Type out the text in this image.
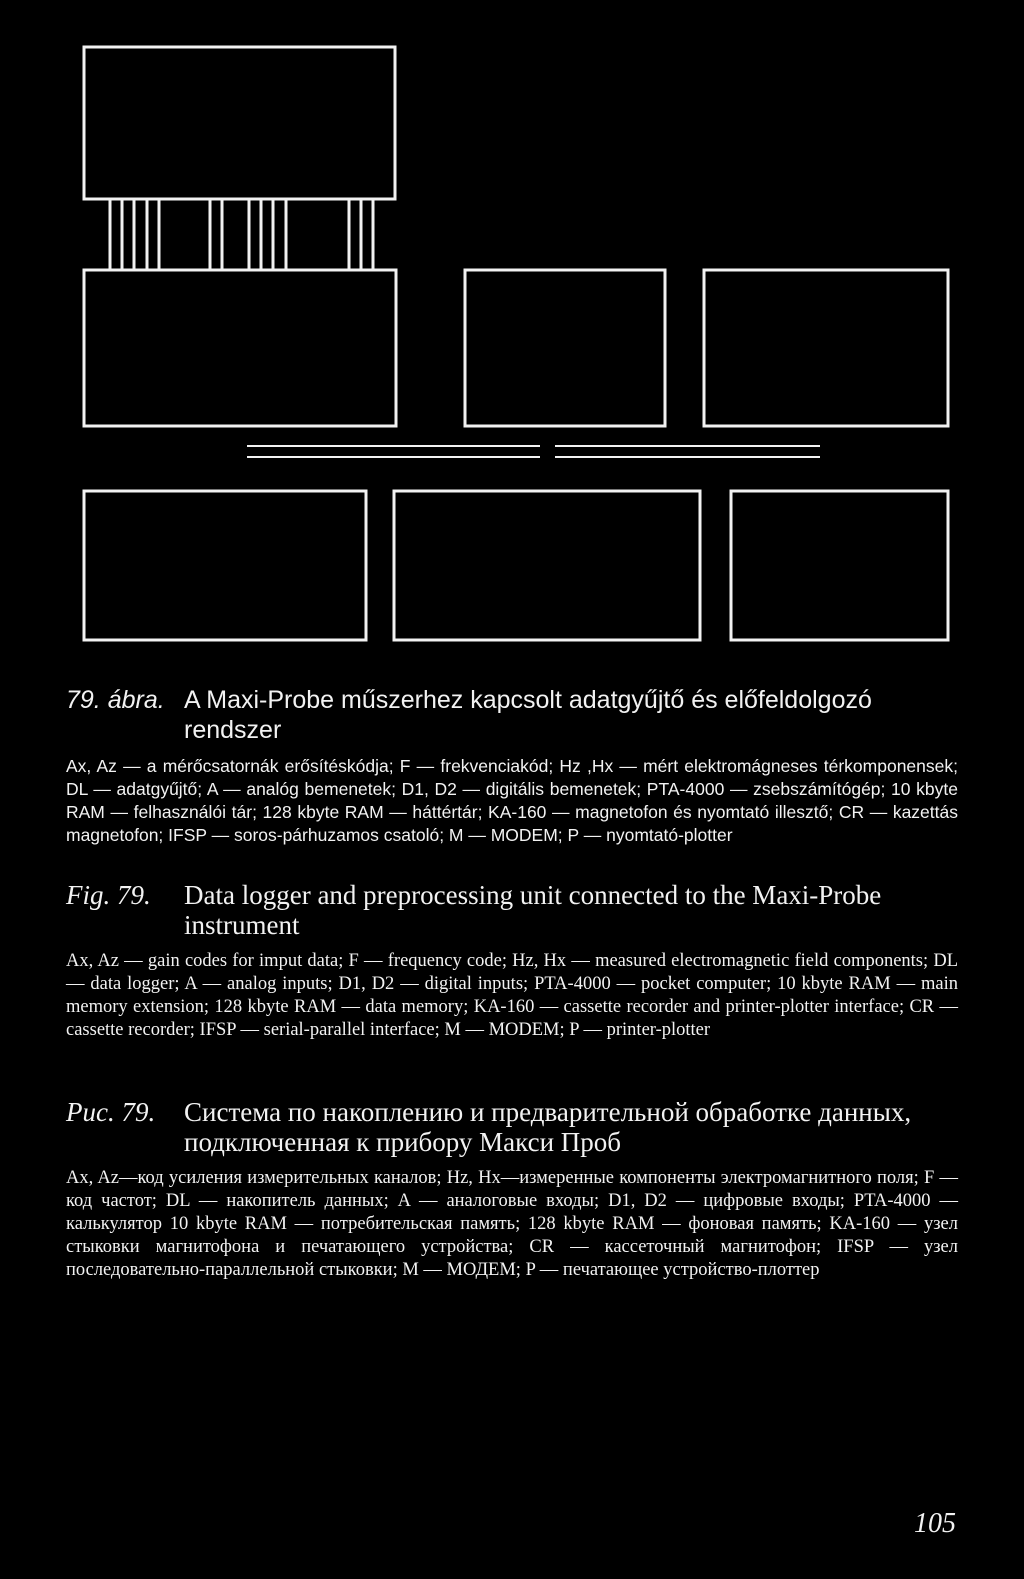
79. ábra. A Maxi-Probe műszerhez kapcsolt adatgyűjtő és előfeldolgozó rendszer
Ax, Az — a mérőcsatornák erősítéskódja; F — frekvenciakód; Hz ,Hx — mért elektromágneses térkomponensek; DL — adatgyűjtő; A — analóg bemenetek; D1, D2 — digitális bemenetek; PTA-4000 — zsebszámítógép; 10 kbyte RAM — felhasználói tár; 128 kbyte RAM — háttértár; KA-160 — magnetofon és nyomtató illesztő; CR — kazettás magnetofon; IFSP — soros-párhuzamos csatoló; M — MODEM; P — nyomtató-plotter
Fig. 79.	Data logger and preprocessing unit connected to the Maxi-Probe instrument
Ax, Az — gain codes for imput data; F — frequency code; Hz, Hx — measured electromagnetic field components; DL — data logger; A — analog inputs; D1, D2 — digital inputs; PTA-4000 — pocket computer; 10 kbyte RAM — main memory extension; 128 kbyte RAM — data memory; KA-160 — cassette recorder and printer-plotter interface; CR — cassette recorder; IFSP — serial-parallel interface; M — MODEM; P — printer-plotter
Рис. 79.	Система по накоплению и предварительной обработке данных, подключенная к прибору Макси Проб
Ax, Az—код усиления измерительных каналов; Hz, Hx—измеренные компоненты электромагнитного поля; F — код частот; DL — накопитель данных; A — аналоговые входы; D1, D2 — цифровые входы; PTA-4000 — калькулятор 10 kbyte RAM — потребительская память; 128 kbyte RAM — фоновая память; KA-160 — узел стыковки магнитофона и печатающего устройства; CR — кассеточный магнитофон; IFSP — узел последовательно-параллельной стыковки; M — МОДЕМ; P — печатающее устройство-плоттер
105
